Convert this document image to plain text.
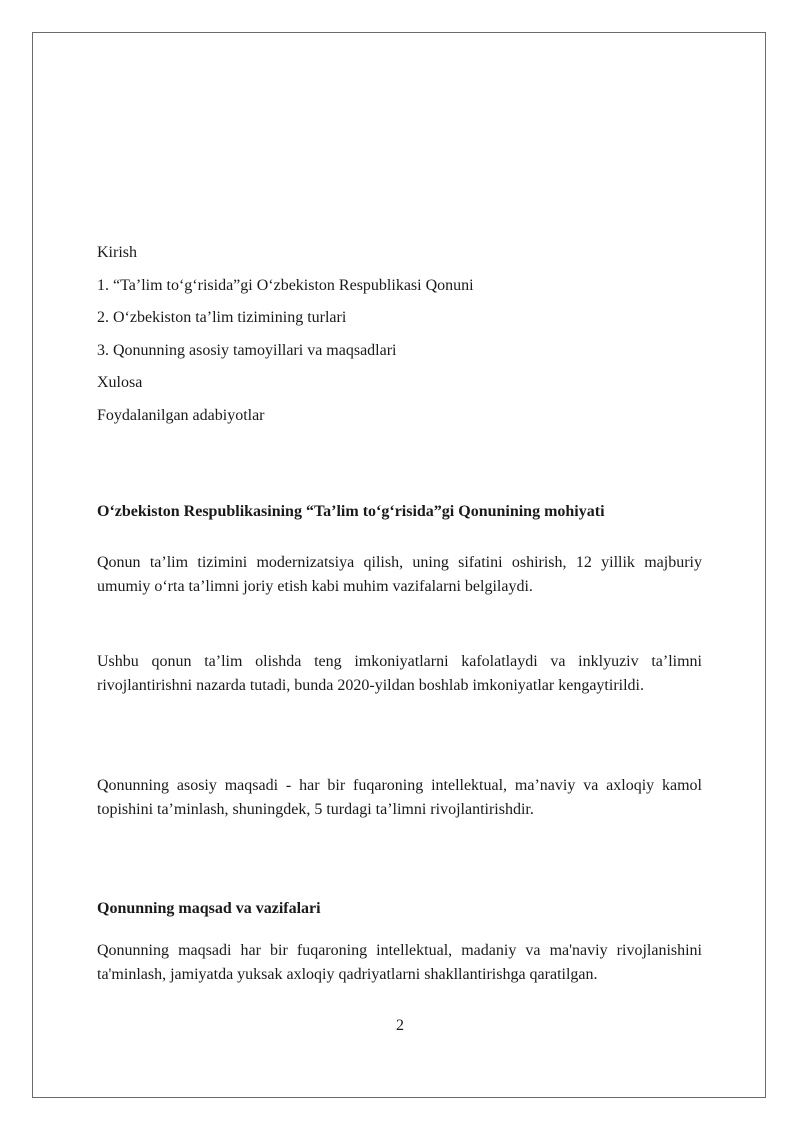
Kirish
1. “Ta’lim to‘g‘risida”gi O‘zbekiston Respublikasi Qonuni
2. O‘zbekiston ta’lim tizimining turlari
3. Qonunning asosiy tamoyillari va maqsadlari
Xulosa
Foydalanilgan adabiyotlar
O‘zbekiston Respublikasining “Ta’lim to‘g‘risida”gi Qonunining mohiyati

Qonun ta’lim tizimini modernizatsiya qilish, uning sifatini oshirish, 12 yillik majburiy umumiy o‘rta ta’limni joriy etish kabi muhim vazifalarni belgilaydi.

Ushbu qonun ta’lim olishda teng imkoniyatlarni kafolatlaydi va inklyuziv ta’limni rivojlantirishni nazarda tutadi, bunda 2020-yildan boshlab imkoniyatlar kengaytirildi.

Qonunning asosiy maqsadi - har bir fuqaroning intellektual, ma’naviy va axloqiy kamol topishini ta’minlash, shuningdek, 5 turdagi ta’limni rivojlantirishdir.

Qonunning maqsad va vazifalari

Qonunning maqsadi har bir fuqaroning intellektual, madaniy va ma'naviy rivojlanishini ta'minlash, jamiyatda yuksak axloqiy qadriyatlarni shakllantirishga qaratilgan.

2
